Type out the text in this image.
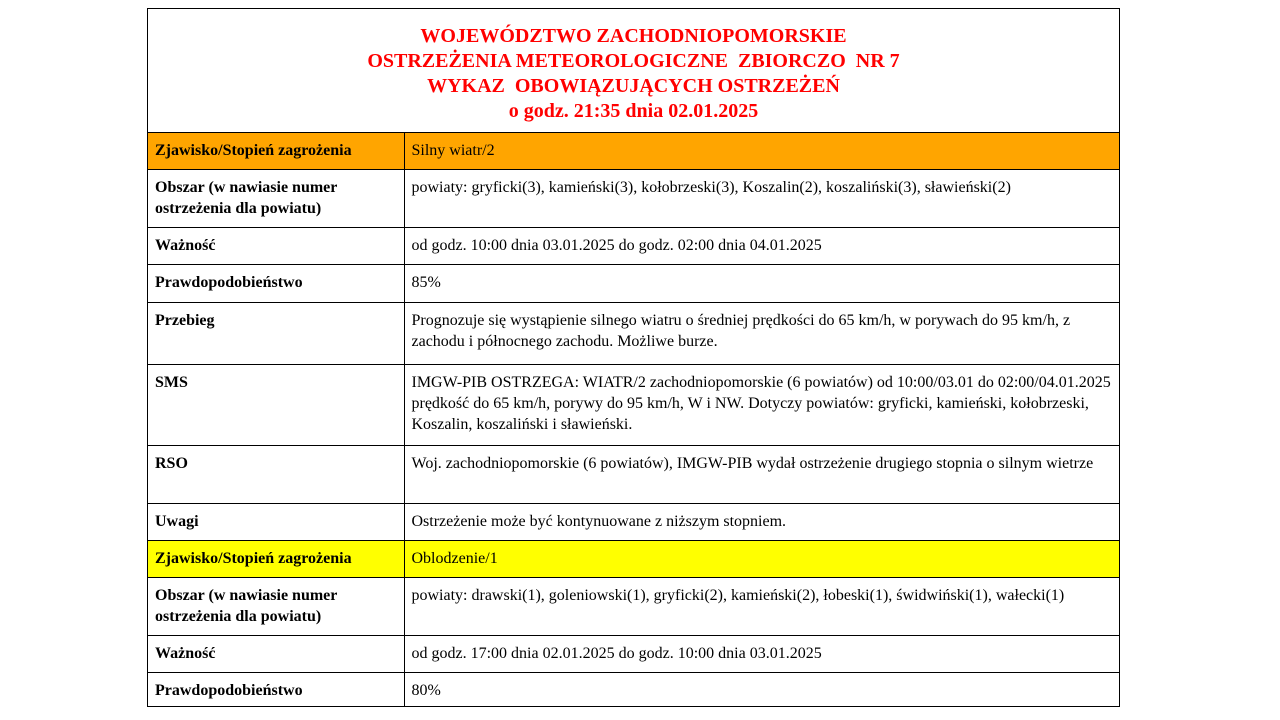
WOJEWÓDZTWO ZACHODNIOPOMORSKIE
OSTRZEŻENIA METEOROLOGICZNE  ZBIORCZO  NR 7
WYKAZ  OBOWIĄZUJĄCYCH OSTRZEŻEŃ
o godz. 21:35 dnia 02.01.2025
Zjawisko/Stopień zagrożenia	Silny wiatr/2
Obszar (w nawiasie numer ostrzeżenia dla powiatu)	powiaty: gryficki(3), kamieński(3), kołobrzeski(3), Koszalin(2), koszaliński(3), sławieński(2)
Ważność	od godz. 10:00 dnia 03.01.2025 do godz. 02:00 dnia 04.01.2025
Prawdopodobieństwo	85%
Przebieg	Prognozuje się wystąpienie silnego wiatru o średniej prędkości do 65 km/h, w porywach do 95 km/h, z zachodu i północnego zachodu. Możliwe burze.
SMS	IMGW-PIB OSTRZEGA: WIATR/2 zachodniopomorskie (6 powiatów) od 10:00/03.01 do 02:00/04.01.2025 prędkość do 65 km/h, porywy do 95 km/h, W i NW. Dotyczy powiatów: gryficki, kamieński, kołobrzeski, Koszalin, koszaliński i sławieński.
RSO	Woj. zachodniopomorskie (6 powiatów), IMGW-PIB wydał ostrzeżenie drugiego stopnia o silnym wietrze
Uwagi	Ostrzeżenie może być kontynuowane z niższym stopniem.
Zjawisko/Stopień zagrożenia	Oblodzenie/1
Obszar (w nawiasie numer ostrzeżenia dla powiatu)	powiaty: drawski(1), goleniowski(1), gryficki(2), kamieński(2), łobeski(1), świdwiński(1), wałecki(1)
Ważność	od godz. 17:00 dnia 02.01.2025 do godz. 10:00 dnia 03.01.2025
Prawdopodobieństwo	80%
